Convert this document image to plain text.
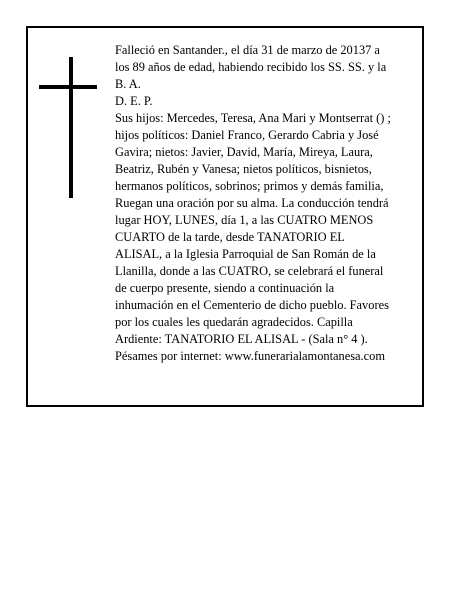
Falleció en Santander., el día 31 de marzo de 20137 a
los 89 años de edad, habiendo recibido los SS. SS. y la
B. A.
D. E. P.
Sus hijos: Mercedes, Teresa, Ana Mari y Montserrat () ;
hijos políticos: Daniel Franco, Gerardo Cabria y José
Gavira; nietos: Javier, David, María, Mireya, Laura,
Beatriz, Rubén y Vanesa; nietos políticos, bisnietos,
hermanos políticos, sobrinos; primos y demás familia,
Ruegan una oración por su alma. La conducción tendrá
lugar HOY, LUNES, día 1, a las CUATRO MENOS
CUARTO de la tarde, desde TANATORIO EL
ALISAL, a la Iglesia Parroquial de San Román de la
Llanilla, donde a las CUATRO, se celebrará el funeral
de cuerpo presente, siendo a continuación la
inhumación en el Cementerio de dicho pueblo. Favores
por los cuales les quedarán agradecidos. Capilla
Ardiente: TANATORIO EL ALISAL - (Sala n° 4 ).
Pésames por internet: www.funerarialamontanesa.com
